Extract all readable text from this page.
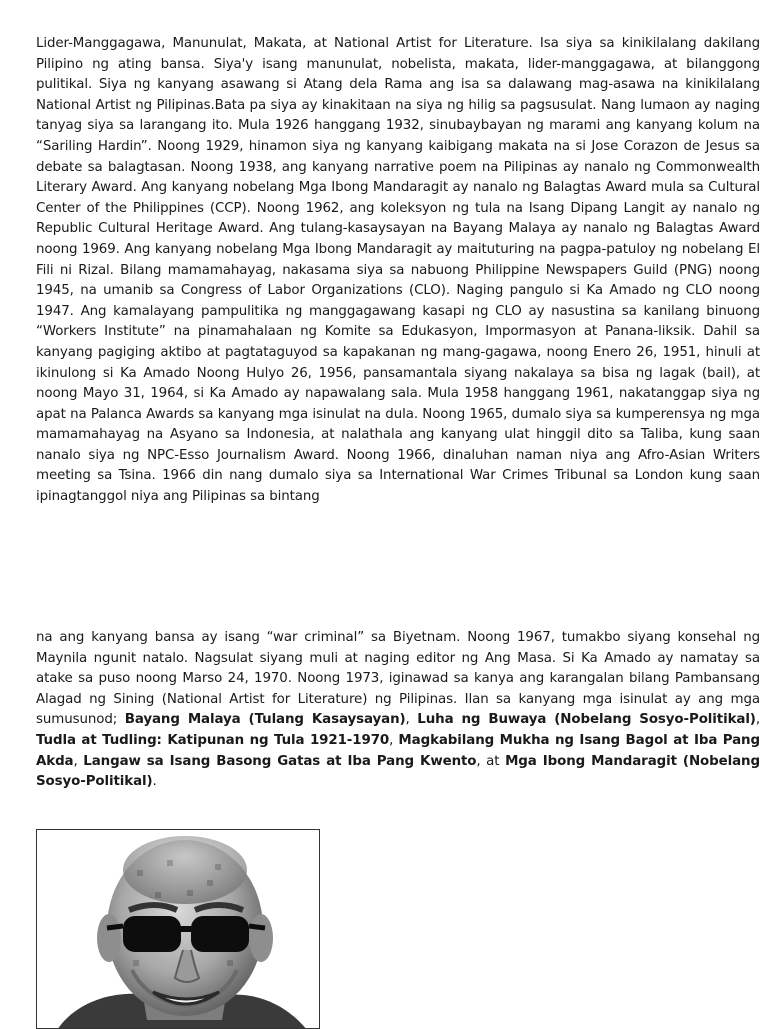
Lider-Manggagawa, Manunulat, Makata, at National Artist for Literature. Isa siya sa kinikilalang dakilang Pilipino ng ating bansa. Siya'y isang manunulat, nobelista, makata, lider-manggagawa, at bilanggong pulitikal. Siya ng kanyang asawang si Atang dela Rama ang isa sa dalawang mag-asawa na kinikilalang National Artist ng Pilipinas.Bata pa siya ay kinakitaan na siya ng hilig sa pagsusulat. Nang lumaon ay naging tanyag siya sa larangang ito. Mula 1926 hanggang 1932, sinubaybayan ng marami ang kanyang kolum na “Sariling Hardin”. Noong 1929, hinamon siya ng kanyang kaibigang makata na si Jose Corazon de Jesus sa debate sa balagtasan. Noong 1938, ang kanyang narrative poem na Pilipinas ay nanalo ng Commonwealth Literary Award. Ang kanyang nobelang Mga Ibong Mandaragit ay nanalo ng Balagtas Award mula sa Cultural Center of the Philippines (CCP). Noong 1962, ang koleksyon ng tula na Isang Dipang Langit ay nanalo ng Republic Cultural Heritage Award. Ang tulang-kasaysayan na Bayang Malaya ay nanalo ng Balagtas Award noong 1969. Ang kanyang nobelang Mga Ibong Mandaragit ay maituturing na pagpa-patuloy ng nobelang El Fili ni Rizal. Bilang mamamahayag, nakasama siya sa nabuong Philippine Newspapers Guild (PNG) noong 1945, na umanib sa Congress of Labor Organizations (CLO). Naging pangulo si Ka Amado ng CLO noong 1947. Ang kamalayang pampulitika ng manggagawang kasapi ng CLO ay nasustina sa kanilang binuong “Workers Institute” na pinamahalaan ng Komite sa Edukasyon, Impormasyon at Panana-liksik. Dahil sa kanyang pagiging aktibo at pagtataguyod sa kapakanan ng mang-gagawa, noong Enero 26, 1951, hinuli at ikinulong si Ka Amado Noong Hulyo 26, 1956, pansamantala siyang nakalaya sa bisa ng lagak (bail), at noong Mayo 31, 1964, si Ka Amado ay napawalang sala. Mula 1958 hanggang 1961, nakatanggap siya ng apat na Palanca Awards sa kanyang mga isinulat na dula. Noong 1965, dumalo siya sa kumperensya ng mga mamamahayag na Asyano sa Indonesia, at nalathala ang kanyang ulat hinggil dito sa Taliba, kung saan nanalo siya ng NPC-Esso Journalism Award. Noong 1966, dinaluhan naman niya ang Afro-Asian Writers meeting sa Tsina. 1966 din nang dumalo siya sa International War Crimes Tribunal sa London kung saan ipinagtanggol niya ang Pilipinas sa bintang

na ang kanyang bansa ay isang “war criminal” sa Biyetnam. Noong 1967, tumakbo siyang konsehal ng Maynila ngunit natalo. Nagsulat siyang muli at naging editor ng Ang Masa. Si Ka Amado ay namatay sa atake sa puso noong Marso 24, 1970. Noong 1973, iginawad sa kanya ang karangalan bilang Pambansang Alagad ng Sining (National Artist for Literature) ng Pilipinas. Ilan sa kanyang mga isinulat ay ang mga sumusunod; Bayang Malaya (Tulang Kasaysayan), Luha ng Buwaya (Nobelang Sosyo-Politikal), Tudla at Tudling: Katipunan ng Tula 1921-1970, Magkabilang Mukha ng Isang Bagol at Iba Pang Akda, Langaw sa Isang Basong Gatas at Iba Pang Kwento, at Mga Ibong Mandaragit (Nobelang Sosyo-Politikal).
